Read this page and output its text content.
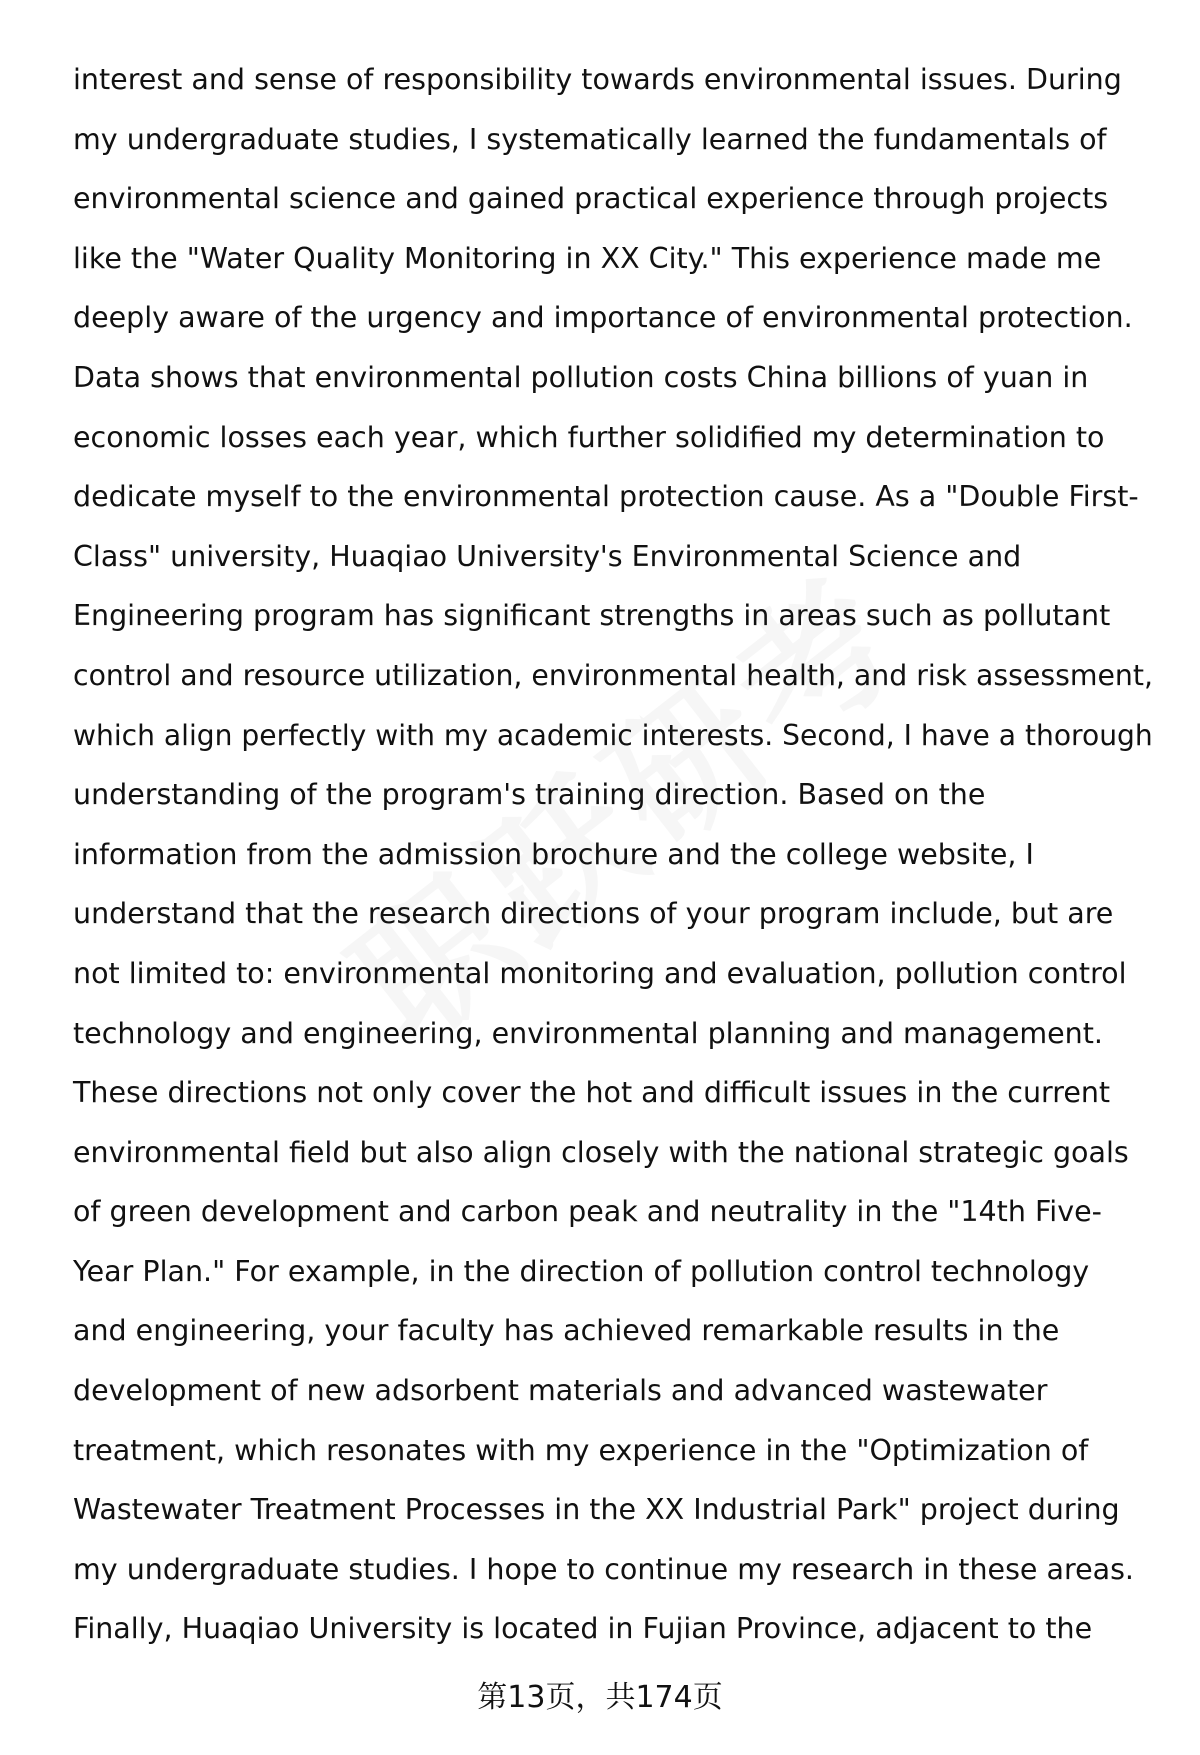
interest and sense of responsibility towards environmental issues. During
my undergraduate studies, I systematically learned the fundamentals of
environmental science and gained practical experience through projects
like the "Water Quality Monitoring in XX City." This experience made me
deeply aware of the urgency and importance of environmental protection.
Data shows that environmental pollution costs China billions of yuan in
economic losses each year, which further solidified my determination to
dedicate myself to the environmental protection cause. As a "Double First-
Class" university, Huaqiao University's Environmental Science and
Engineering program has significant strengths in areas such as pollutant
control and resource utilization, environmental health, and risk assessment,
which align perfectly with my academic interests. Second, I have a thorough
understanding of the program's training direction. Based on the
information from the admission brochure and the college website, I
understand that the research directions of your program include, but are
not limited to: environmental monitoring and evaluation, pollution control
technology and engineering, environmental planning and management.
These directions not only cover the hot and difficult issues in the current
environmental field but also align closely with the national strategic goals
of green development and carbon peak and neutrality in the "14th Five-
Year Plan." For example, in the direction of pollution control technology
and engineering, your faculty has achieved remarkable results in the
development of new adsorbent materials and advanced wastewater
treatment, which resonates with my experience in the "Optimization of
Wastewater Treatment Processes in the XX Industrial Park" project during
my undergraduate studies. I hope to continue my research in these areas.
Finally, Huaqiao University is located in Fujian Province, adjacent to the
第13页，共174页
